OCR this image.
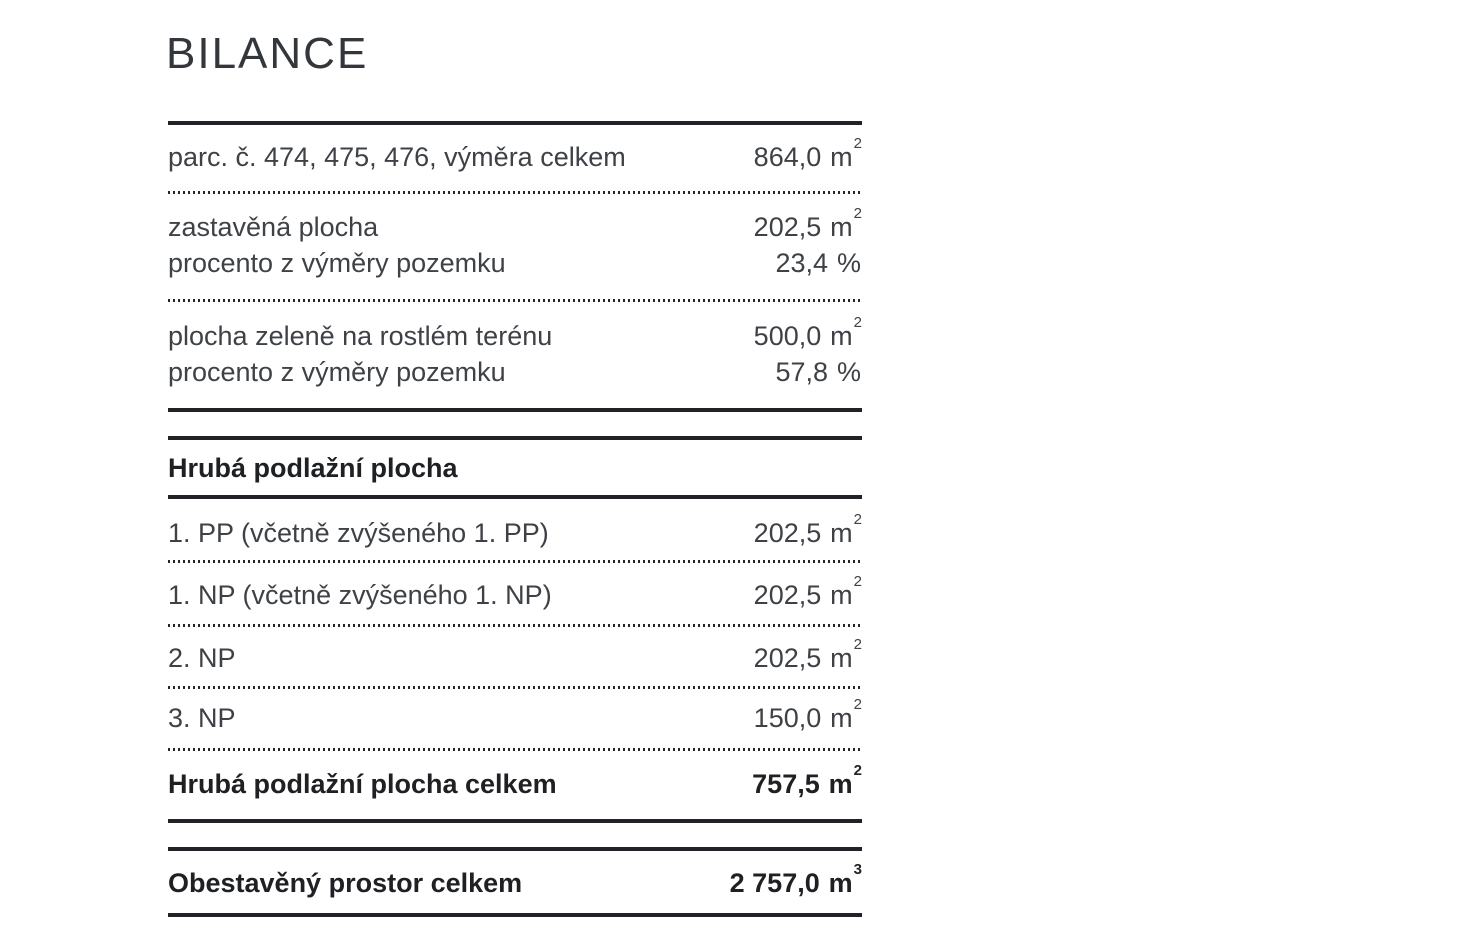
BILANCE
parc. č. 474, 475, 476, výměra celkem	864,0 $m^2$
zastavěná plocha	202,5 $m^2$
procento z výměry pozemku	23,4 %
plocha zeleně na rostlém terénu	500,0 $m^2$
procento z výměry pozemku	57,8 %
Hrubá podlažní plocha
1. PP (včetně zvýšeného 1. PP)	202,5 $m^2$
1. NP (včetně zvýšeného 1. NP)	202,5 $m^2$
2. NP	202,5 $m^2$
3. NP	150,0 $m^2$
Hrubá podlažní plocha celkem	757,5 $m^2$
Obestavěný prostor celkem	2 757,0 $m^3$
